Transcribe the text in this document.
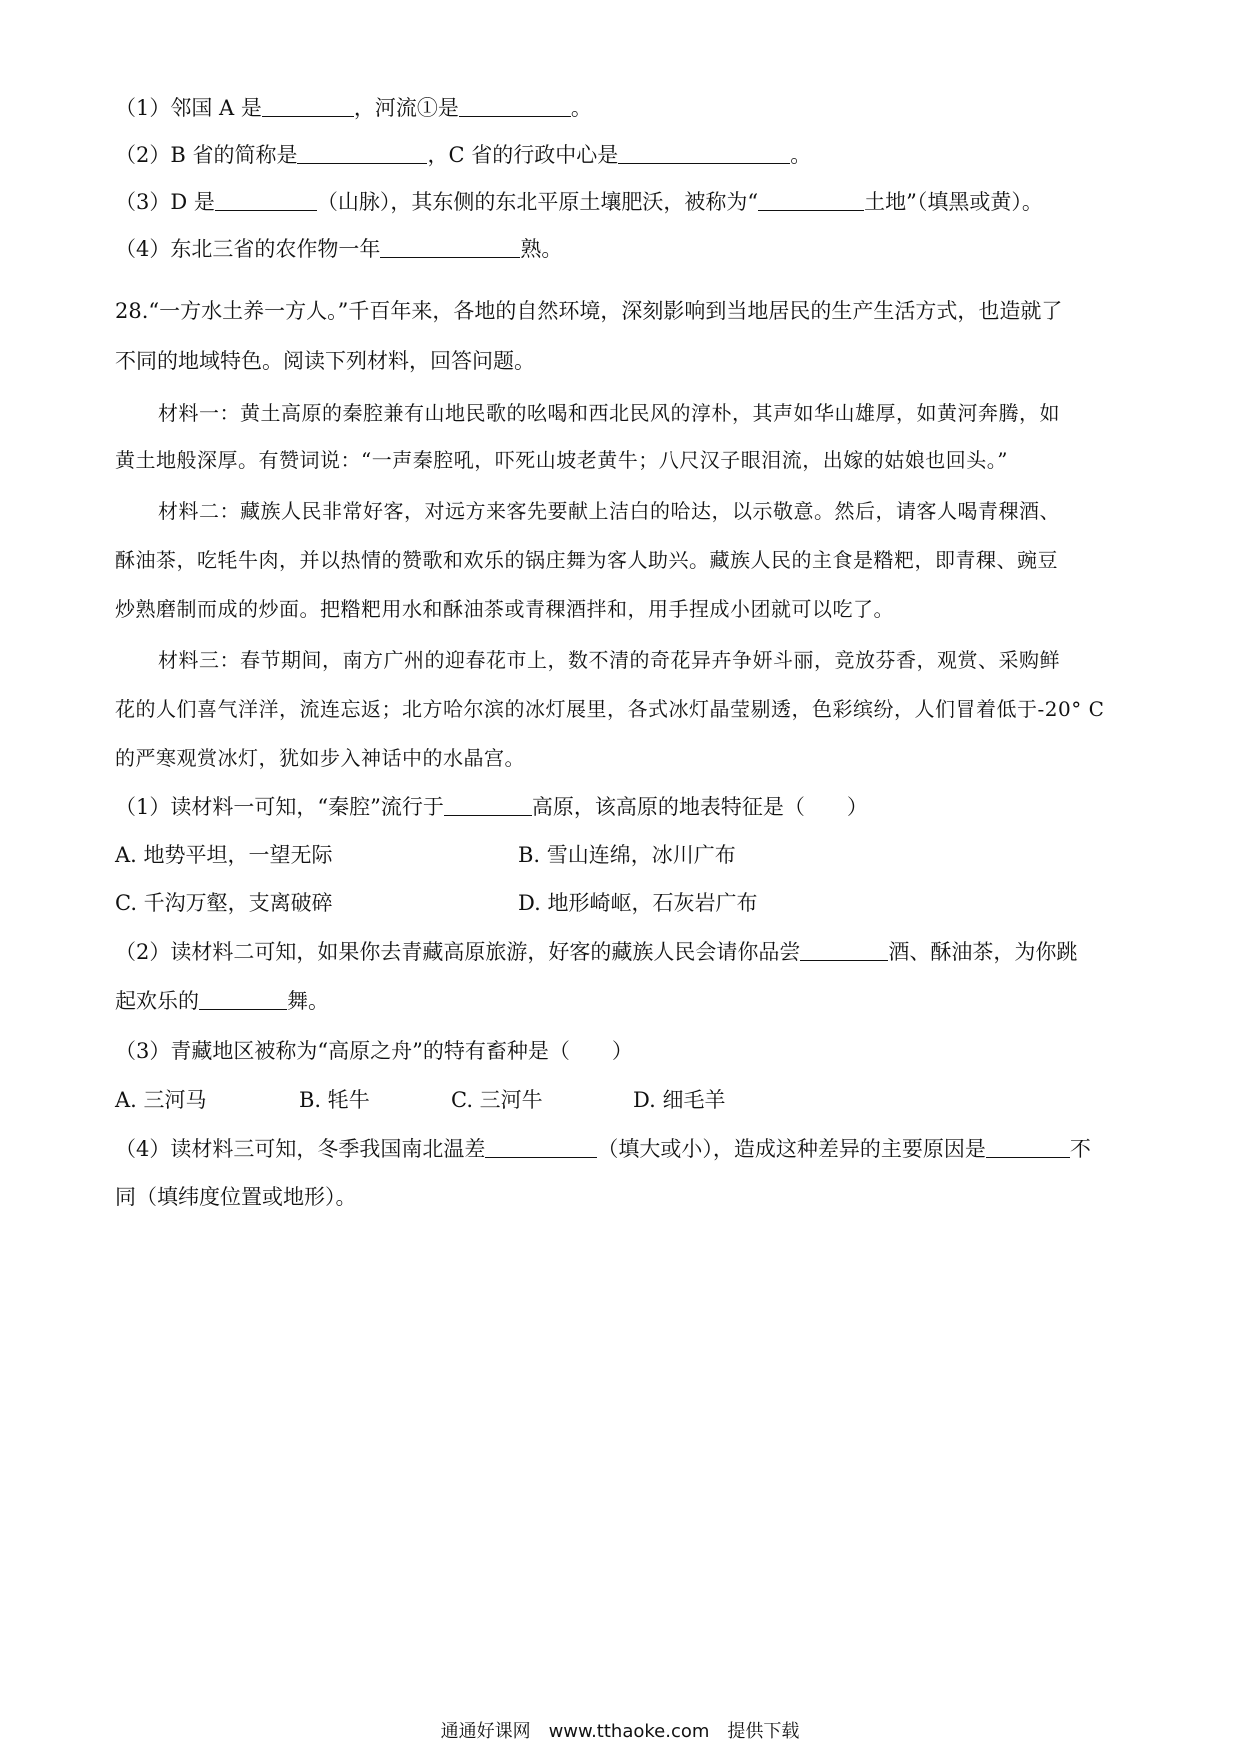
（1）邻国 A 是	，河流①是	。
（2）B 省的简称是	，C 省的行政中心是	。
（3）D 是	（山脉），其东侧的东北平原土壤肥沃，被称为“	土地”（填黑或黄）。
（4）东北三省的农作物一年	熟。
28.“一方水土养一方人。”千百年来，各地的自然环境，深刻影响到当地居民的生产生活方式，也造就了
不同的地域特色。阅读下列材料，回答问题。
材料一：黄土高原的秦腔兼有山地民歌的吆喝和西北民风的淳朴，其声如华山雄厚，如黄河奔腾，如
黄土地般深厚。有赞词说：“一声秦腔吼，吓死山坡老黄牛；八尺汉子眼泪流，出嫁的姑娘也回头。”
材料二：藏族人民非常好客，对远方来客先要献上洁白的哈达，以示敬意。然后，请客人喝青稞酒、
酥油茶，吃牦牛肉，并以热情的赞歌和欢乐的锅庄舞为客人助兴。藏族人民的主食是糌粑，即青稞、豌豆
炒熟磨制而成的炒面。把糌粑用水和酥油茶或青稞酒拌和，用手捏成小团就可以吃了。
材料三：春节期间，南方广州的迎春花市上，数不清的奇花异卉争妍斗丽，竞放芬香，观赏、采购鲜
花的人们喜气洋洋，流连忘返；北方哈尔滨的冰灯展里，各式冰灯晶莹剔透，色彩缤纷，人们冒着低于-20° C
的严寒观赏冰灯，犹如步入神话中的水晶宫。
（1）读材料一可知，“秦腔”流行于	高原，该高原的地表特征是（　　）
A. 地势平坦，一望无际	B. 雪山连绵，冰川广布
C. 千沟万壑，支离破碎	D. 地形崎岖，石灰岩广布
（2）读材料二可知，如果你去青藏高原旅游，好客的藏族人民会请你品尝	酒、酥油茶，为你跳
起欢乐的	舞。
（3）青藏地区被称为“高原之舟”的特有畜种是（　　）
A. 三河马	B. 牦牛	C. 三河牛	D. 细毛羊
（4）读材料三可知，冬季我国南北温差	（填大或小），造成这种差异的主要原因是	不
同（填纬度位置或地形）。
通通好课网　www.tthaoke.com　提供下载
